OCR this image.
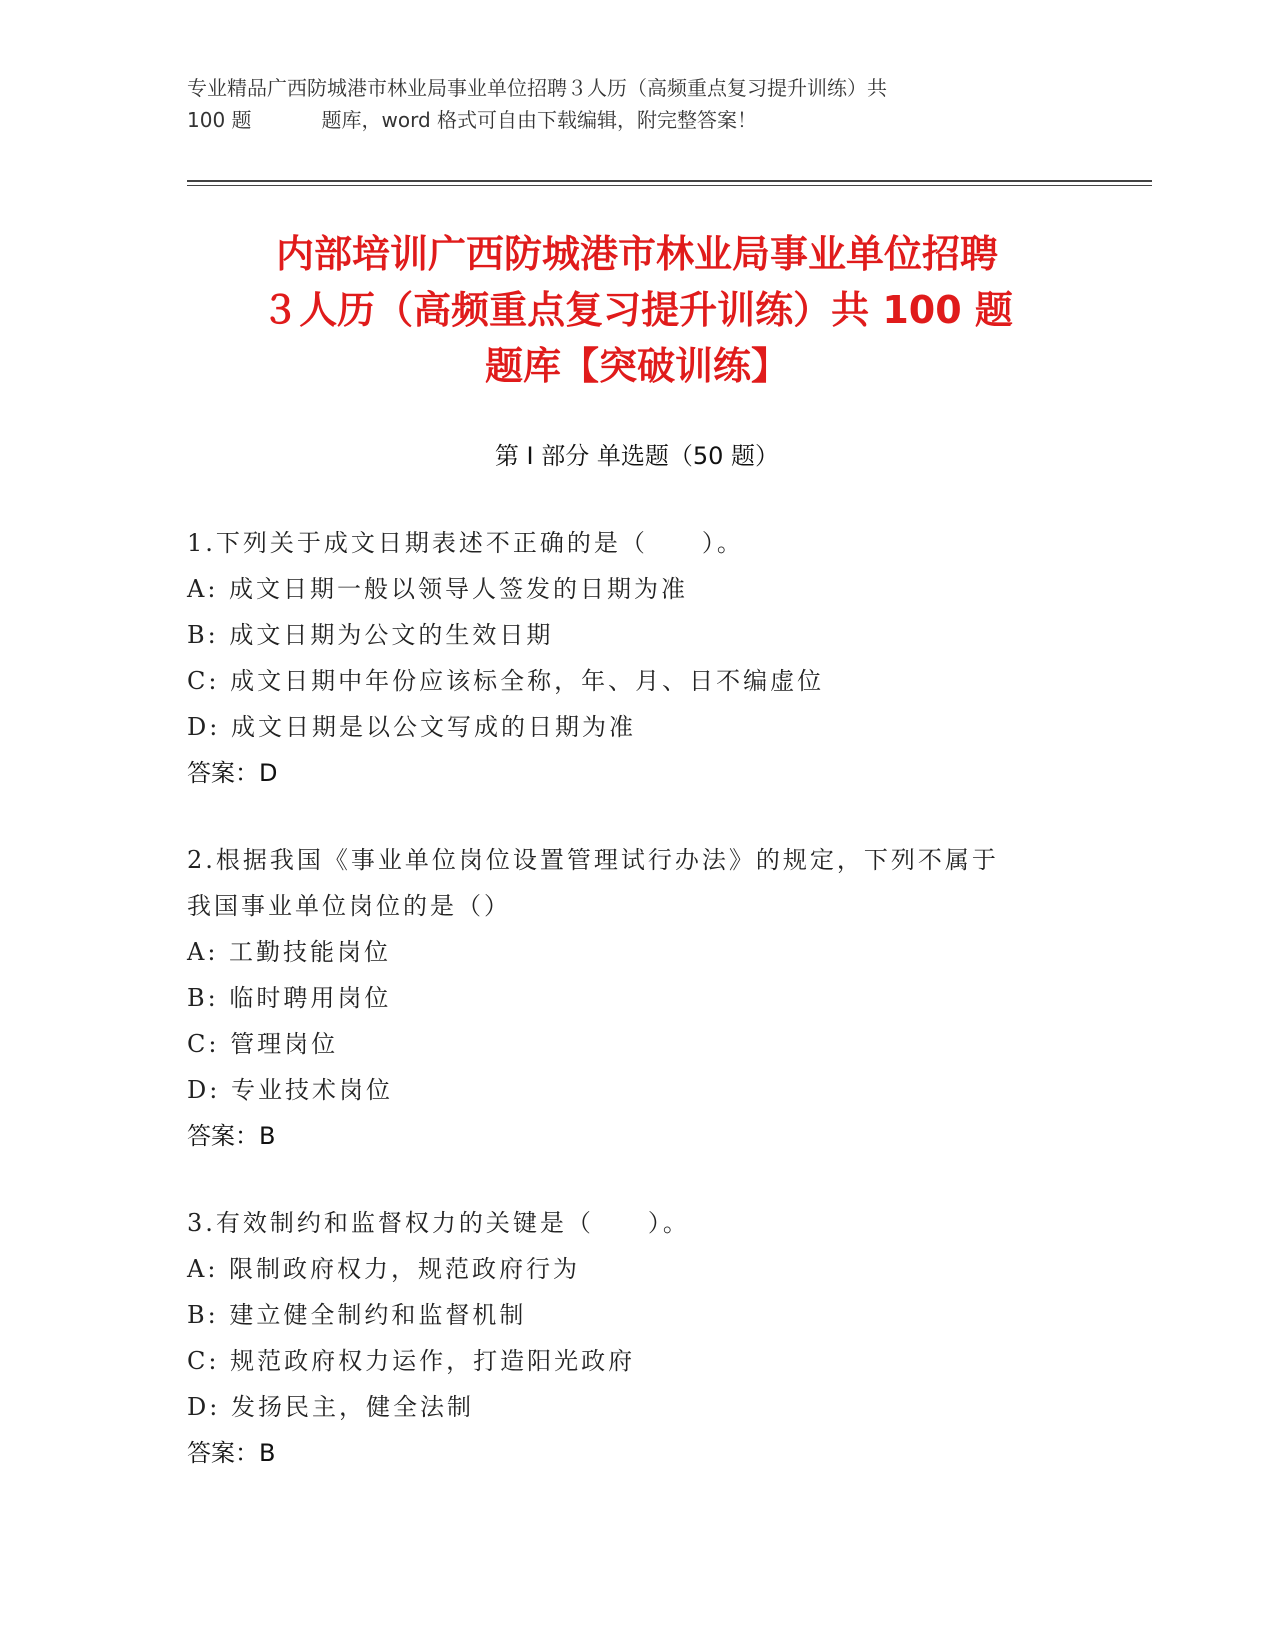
专业精品广西防城港市林业局事业单位招聘３人历（高频重点复习提升训练）共
100 题	题库，word 格式可自由下载编辑，附完整答案！
内部培训广西防城港市林业局事业单位招聘
３人历（高频重点复习提升训练）共 100 题
题库【突破训练】
第 I 部分 单选题（50 题）
1.下列关于成文日期表述不正确的是（　　）。
A: 成文日期一般以领导人签发的日期为准
B: 成文日期为公文的生效日期
C: 成文日期中年份应该标全称，年、月、日不编虚位
D: 成文日期是以公文写成的日期为准
答案：D
2.根据我国《事业单位岗位设置管理试行办法》的规定，下列不属于
我国事业单位岗位的是（）
A: 工勤技能岗位
B: 临时聘用岗位
C: 管理岗位
D: 专业技术岗位
答案：B
3.有效制约和监督权力的关键是（　　）。
A: 限制政府权力，规范政府行为
B: 建立健全制约和监督机制
C: 规范政府权力运作，打造阳光政府
D: 发扬民主，健全法制
答案：B
